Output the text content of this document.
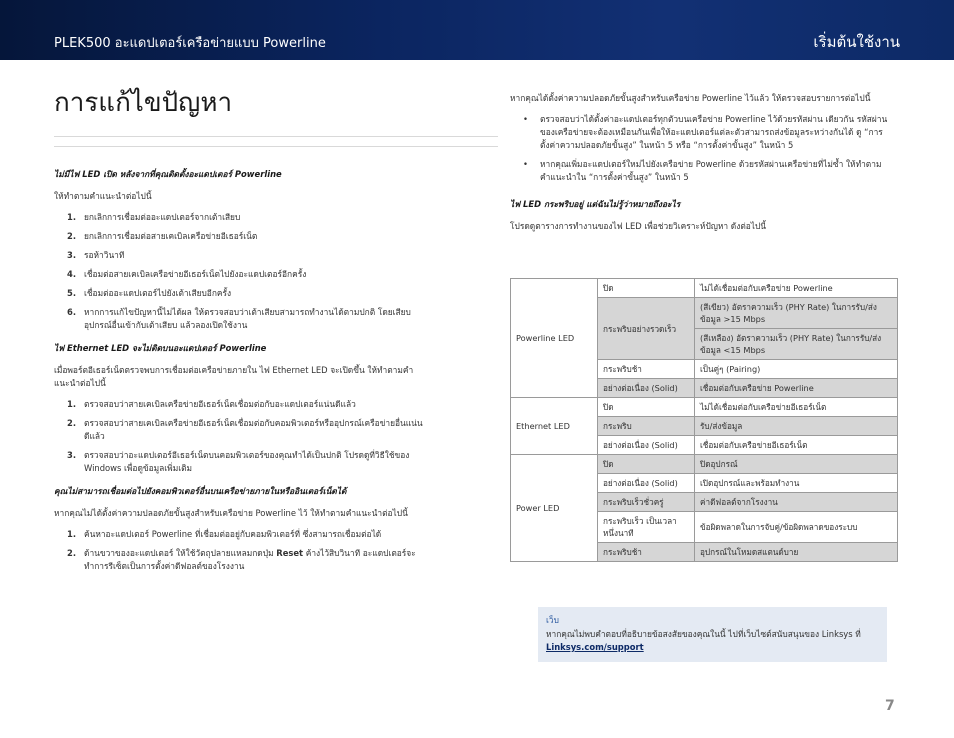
PLEK500 อะแดปเตอร์เครือข่ายแบบ Powerline	เริ่มต้นใช้งาน
การแก้ไขปัญหา
ไม่มีไฟ LED เปิด หลังจากที่คุณติดตั้งอะแดปเตอร์ Powerline
ให้ทำตามคำแนะนำต่อไปนี้
1. ยกเลิกการเชื่อมต่ออะแดปเตอร์จากเต้าเสียบ
2. ยกเลิกการเชื่อมต่อสายเคเบิลเครือข่ายอีเธอร์เน็ต
3. รอห้าวินาที
4. เชื่อมต่อสายเคเบิลเครือข่ายอีเธอร์เน็ตไปยังอะแดปเตอร์อีกครั้ง
5. เชื่อมต่ออะแดปเตอร์ไปยังเต้าเสียบอีกครั้ง
6. หากการแก้ไขปัญหานี้ไม่ได้ผล ให้ตรวจสอบว่าเต้าเสียบสามารถทำงานได้ตามปกติ โดยเสียบอุปกรณ์อื่นเข้ากับเต้าเสียบ แล้วลองเปิดใช้งาน
ไฟ Ethernet LED จะไม่ติดบนอะแดปเตอร์ Powerline
เมื่อพอร์ตอีเธอร์เน็ตตรวจพบการเชื่อมต่อเครือข่ายภายใน ไฟ Ethernet LED จะเปิดขึ้น ให้ทำตามคำแนะนำต่อไปนี้
1. ตรวจสอบว่าสายเคเบิลเครือข่ายอีเธอร์เน็ตเชื่อมต่อกับอะแดปเตอร์แน่นดีแล้ว
2. ตรวจสอบว่าสายเคเบิลเครือข่ายอีเธอร์เน็ตเชื่อมต่อกับคอมพิวเตอร์หรืออุปกรณ์เครือข่ายอื่นแน่นดีแล้ว
3. ตรวจสอบว่าอะแดปเตอร์อีเธอร์เน็ตบนคอมพิวเตอร์ของคุณทำได้เป็นปกติ โปรดดูที่วิธีใช้ของ Windows เพื่อดูข้อมูลเพิ่มเติม
คุณไม่สามารถเชื่อมต่อไปยังคอมพิวเตอร์อื่นบนเครือข่ายภายในหรืออินเตอร์เน็ตได้
หากคุณไม่ได้ตั้งค่าความปลอดภัยขั้นสูงสำหรับเครือข่าย Powerline ไว้ ให้ทำตามคำแนะนำต่อไปนี้
1. ค้นหาอะแดปเตอร์ Powerline ที่เชื่อมต่ออยู่กับคอมพิวเตอร์ที่ ซึ่งสามารถเชื่อมต่อได้
2. ด้านขวาของอะแดปเตอร์ ให้ใช้วัตถุปลายแหลมกดปุ่ม Reset ค้างไว้สิบวินาที อะแดปเตอร์จะทำการรีเซ็ตเป็นการตั้งค่าดีฟอลต์ของโรงงาน
หากคุณได้ตั้งค่าความปลอดภัยขั้นสูงสำหรับเครือข่าย Powerline ไว้แล้ว ให้ตรวจสอบรายการต่อไปนี้
• ตรวจสอบว่าได้ตั้งค่าอะแดปเตอร์ทุกตัวบนเครือข่าย Powerline ไว้ด้วยรหัสผ่าน เดียวกัน รหัสผ่านของเครือข่ายจะต้องเหมือนกันเพื่อให้อะแดปเตอร์แต่ละตัวสามารถส่งข้อมูลระหว่างกันได้ ดู “การตั้งค่าความปลอดภัยขั้นสูง” ในหน้า 5 หรือ “การตั้งค่าขั้นสูง” ในหน้า 5
• หากคุณเพิ่มอะแดปเตอร์ใหม่ไปยังเครือข่าย Powerline ด้วยรหัสผ่านเครือข่ายที่ไม่ซ้ำ ให้ทำตามคำแนะนำใน “การตั้งค่าขั้นสูง” ในหน้า 5
ไฟ LED กระพริบอยู่ แต่ฉันไม่รู้ว่าหมายถึงอะไร
โปรดดูตารางการทำงานของไฟ LED เพื่อช่วยวิเคราะห์ปัญหา ดังต่อไปนี้
Powerline LED	ปิด	ไม่ได้เชื่อมต่อกับเครือข่าย Powerline
	กระพริบอย่างรวดเร็ว	(สีเขียว) อัตราความเร็ว (PHY Rate) ในการรับ/ส่งข้อมูล >15 Mbps
		(สีเหลือง) อัตราความเร็ว (PHY Rate) ในการรับ/ส่งข้อมูล <15 Mbps
	กระพริบช้า	เป็นคู่ๆ (Pairing)
	อย่างต่อเนื่อง (Solid)	เชื่อมต่อกับเครือข่าย Powerline
Ethernet LED	ปิด	ไม่ได้เชื่อมต่อกับเครือข่ายอีเธอร์เน็ต
	กระพริบ	รับ/ส่งข้อมูล
	อย่างต่อเนื่อง (Solid)	เชื่อมต่อกับเครือข่ายอีเธอร์เน็ต
Power LED	ปิด	ปิดอุปกรณ์
	อย่างต่อเนื่อง (Solid)	เปิดอุปกรณ์และพร้อมทำงาน
	กระพริบเร็วชั่วครู่	ค่าดีฟอลต์จากโรงงาน
	กระพริบเร็ว เป็นเวลาหนึ่งนาที	ข้อผิดพลาดในการจับคู่/ข้อผิดพลาดของระบบ
	กระพริบช้า	อุปกรณ์ในโหมดสแตนด์บาย
เว็บ
หากคุณไม่พบคำตอบที่อธิบายข้อสงสัยของคุณในนี้ ไปที่เว็บไซต์สนับสนุนของ Linksys ที่ Linksys.com/support
7
